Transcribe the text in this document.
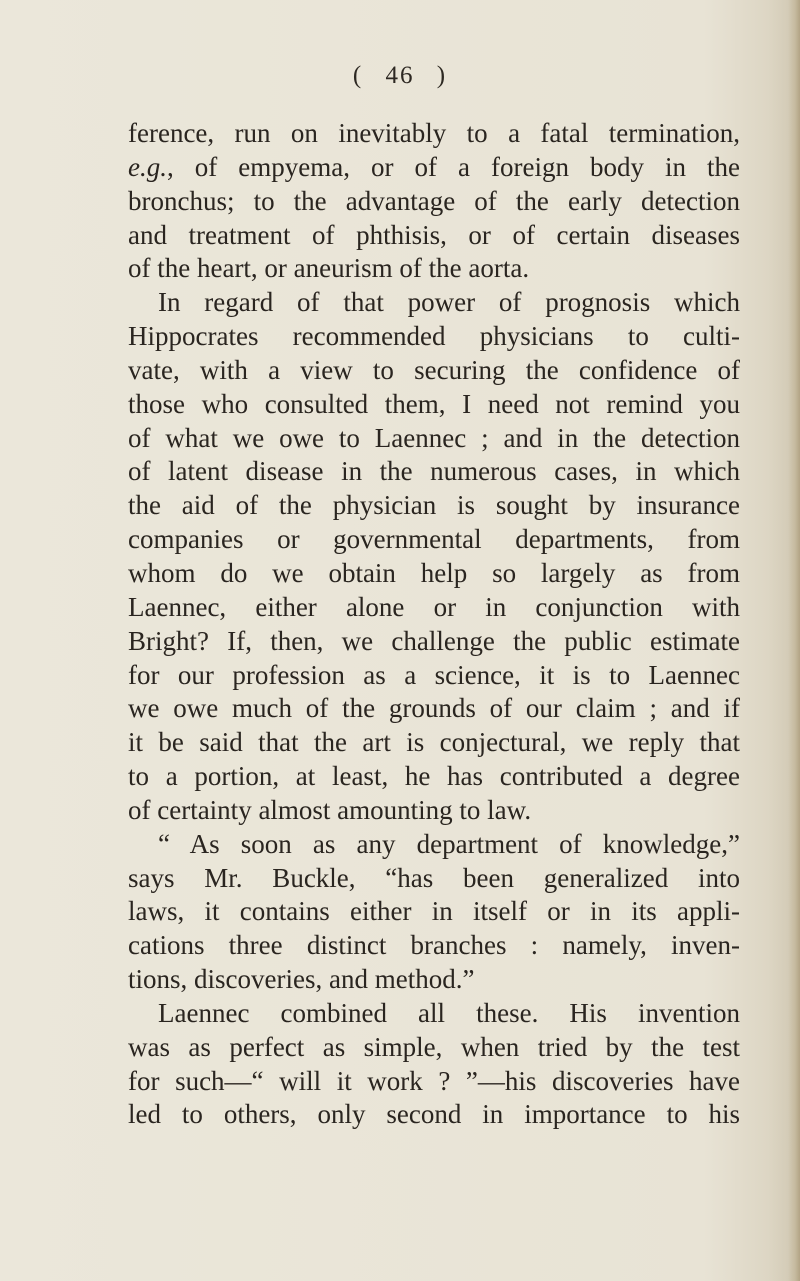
( 46 )
ference, run on inevitably to a fatal termination,
e.g., of empyema, or of a foreign body in the
bronchus; to the advantage of the early detection
and treatment of phthisis, or of certain diseases
of the heart, or aneurism of the aorta.
In regard of that power of prognosis which
Hippocrates recommended physicians to culti-
vate, with a view to securing the confidence of
those who consulted them, I need not remind you
of what we owe to Laennec ; and in the detection
of latent disease in the numerous cases, in which
the aid of the physician is sought by insurance
companies or governmental departments, from
whom do we obtain help so largely as from
Laennec, either alone or in conjunction with
Bright? If, then, we challenge the public estimate
for our profession as a science, it is to Laennec
we owe much of the grounds of our claim ; and if
it be said that the art is conjectural, we reply that
to a portion, at least, he has contributed a degree
of certainty almost amounting to law.
“ As soon as any department of knowledge,”
says Mr. Buckle, “has been generalized into
laws, it contains either in itself or in its appli-
cations three distinct branches : namely, inven-
tions, discoveries, and method.”
Laennec combined all these. His invention
was as perfect as simple, when tried by the test
for such—“ will it work ? ”—his discoveries have
led to others, only second in importance to his
